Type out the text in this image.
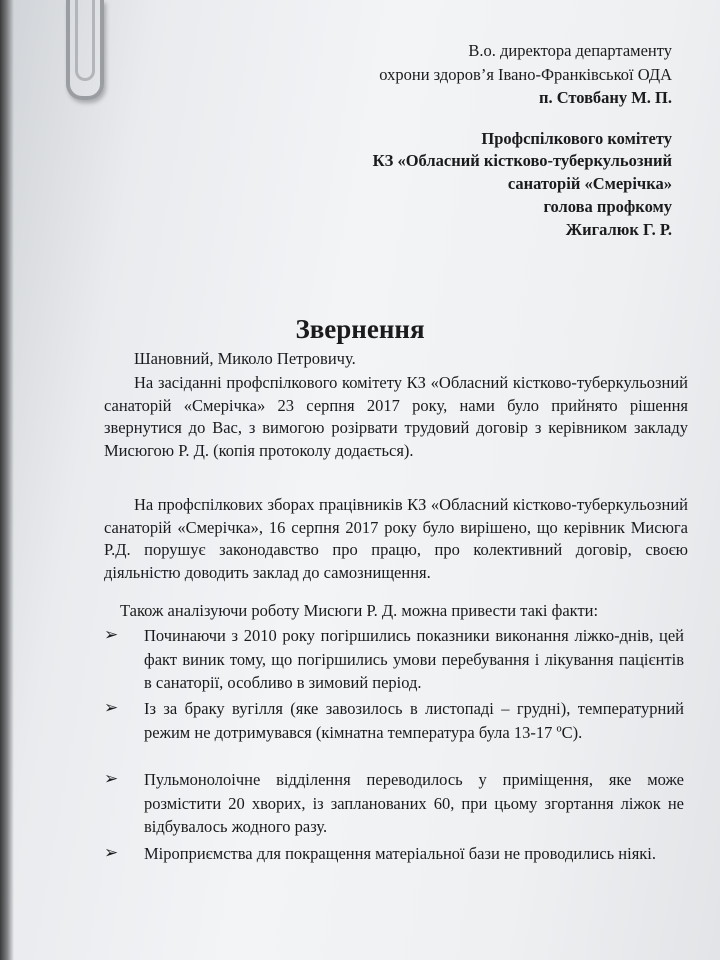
В.о. директора департаменту

охрони здоров’я Івано-Франківської ОДА

п. Стовбану М. П.

Профспілкового комітету

КЗ «Обласний кістково-туберкульозний

санаторій «Смерічка»

голова профкому

Жигалюк Г. Р.

Звернення

Шановний, Миколо Петровичу.

На засіданні профспілкового комітету КЗ «Обласний кістково-туберкульозний санаторій «Смерічка» 23 серпня 2017 року, нами було прийнято рішення звернутися до Вас, з вимогою розірвати трудовий договір з керівником закладу Мисюгою Р. Д. (копія протоколу додається).

На профспілкових зборах працівників КЗ «Обласний кістково-туберкульозний санаторій «Смерічка», 16 серпня 2017 року було вирішено, що керівник Мисюга Р.Д. порушує законодавство про працю, про колективний договір, своєю діяльністю доводить заклад до самознищення.

Також аналізуючи роботу Мисюги Р. Д. можна привести такі факти:

➢ Починаючи з 2010 року погіршились показники виконання ліжко-днів, цей факт виник тому, що погіршились умови перебування і лікування пацієнтів в санаторії, особливо в зимовий період.

➢ Із за браку вугілля (яке завозилось в листопаді – грудні), температурний режим не дотримувався (кімнатна температура була 13-17 ºС).

➢ Пульмонолоічне відділення переводилось у приміщення, яке може розмістити 20 хворих, із запланованих 60, при цьому згортання ліжок не відбувалось жодного разу.

➢ Міроприємства для покращення матеріальної бази не проводились ніякі.
